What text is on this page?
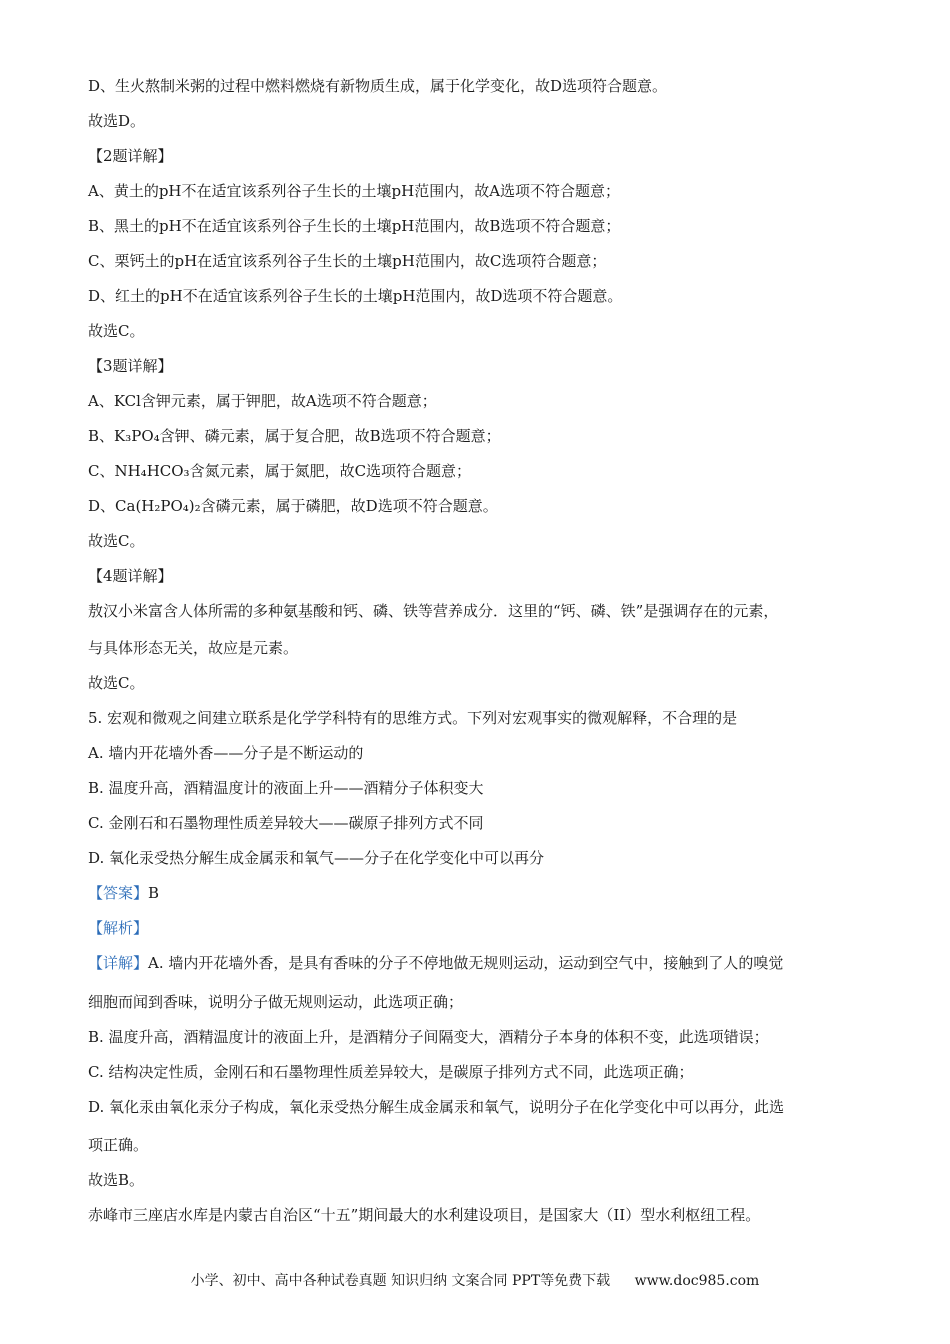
D、生火熬制米粥的过程中燃料燃烧有新物质生成，属于化学变化，故D选项符合题意。
故选D。
【2题详解】
A、黄土的pH不在适宜该系列谷子生长的土壤pH范围内，故A选项不符合题意；
B、黑土的pH不在适宜该系列谷子生长的土壤pH范围内，故B选项不符合题意；
C、栗钙土的pH在适宜该系列谷子生长的土壤pH范围内，故C选项符合题意；
D、红土的pH不在适宜该系列谷子生长的土壤pH范围内，故D选项不符合题意。
故选C。
【3题详解】
A、KCl含钾元素，属于钾肥，故A选项不符合题意；
B、K₃PO₄含钾、磷元素，属于复合肥，故B选项不符合题意；
C、NH₄HCO₃含氮元素，属于氮肥，故C选项符合题意；
D、Ca(H₂PO₄)₂含磷元素，属于磷肥，故D选项不符合题意。
故选C。
【4题详解】
敖汉小米富含人体所需的多种氨基酸和钙、磷、铁等营养成分．这里的“钙、磷、铁”是强调存在的元素，
与具体形态无关，故应是元素。
故选C。
5. 宏观和微观之间建立联系是化学学科特有的思维方式。下列对宏观事实的微观解释，不合理的是
A. 墙内开花墙外香——分子是不断运动的
B. 温度升高，酒精温度计的液面上升——酒精分子体积变大
C. 金刚石和石墨物理性质差异较大——碳原子排列方式不同
D. 氧化汞受热分解生成金属汞和氧气——分子在化学变化中可以再分
【答案】B
【解析】
【详解】A. 墙内开花墙外香，是具有香味的分子不停地做无规则运动，运动到空气中，接触到了人的嗅觉
细胞而闻到香味，说明分子做无规则运动，此选项正确；
B. 温度升高，酒精温度计的液面上升，是酒精分子间隔变大，酒精分子本身的体积不变，此选项错误；
C. 结构决定性质，金刚石和石墨物理性质差异较大，是碳原子排列方式不同，此选项正确；
D. 氧化汞由氧化汞分子构成，氧化汞受热分解生成金属汞和氧气，说明分子在化学变化中可以再分，此选
项正确。
故选B。
赤峰市三座店水库是内蒙古自治区“十五”期间最大的水利建设项目，是国家大（II）型水利枢纽工程。
小学、初中、高中各种试卷真题 知识归纳 文案合同 PPT等免费下载 www.doc985.com
